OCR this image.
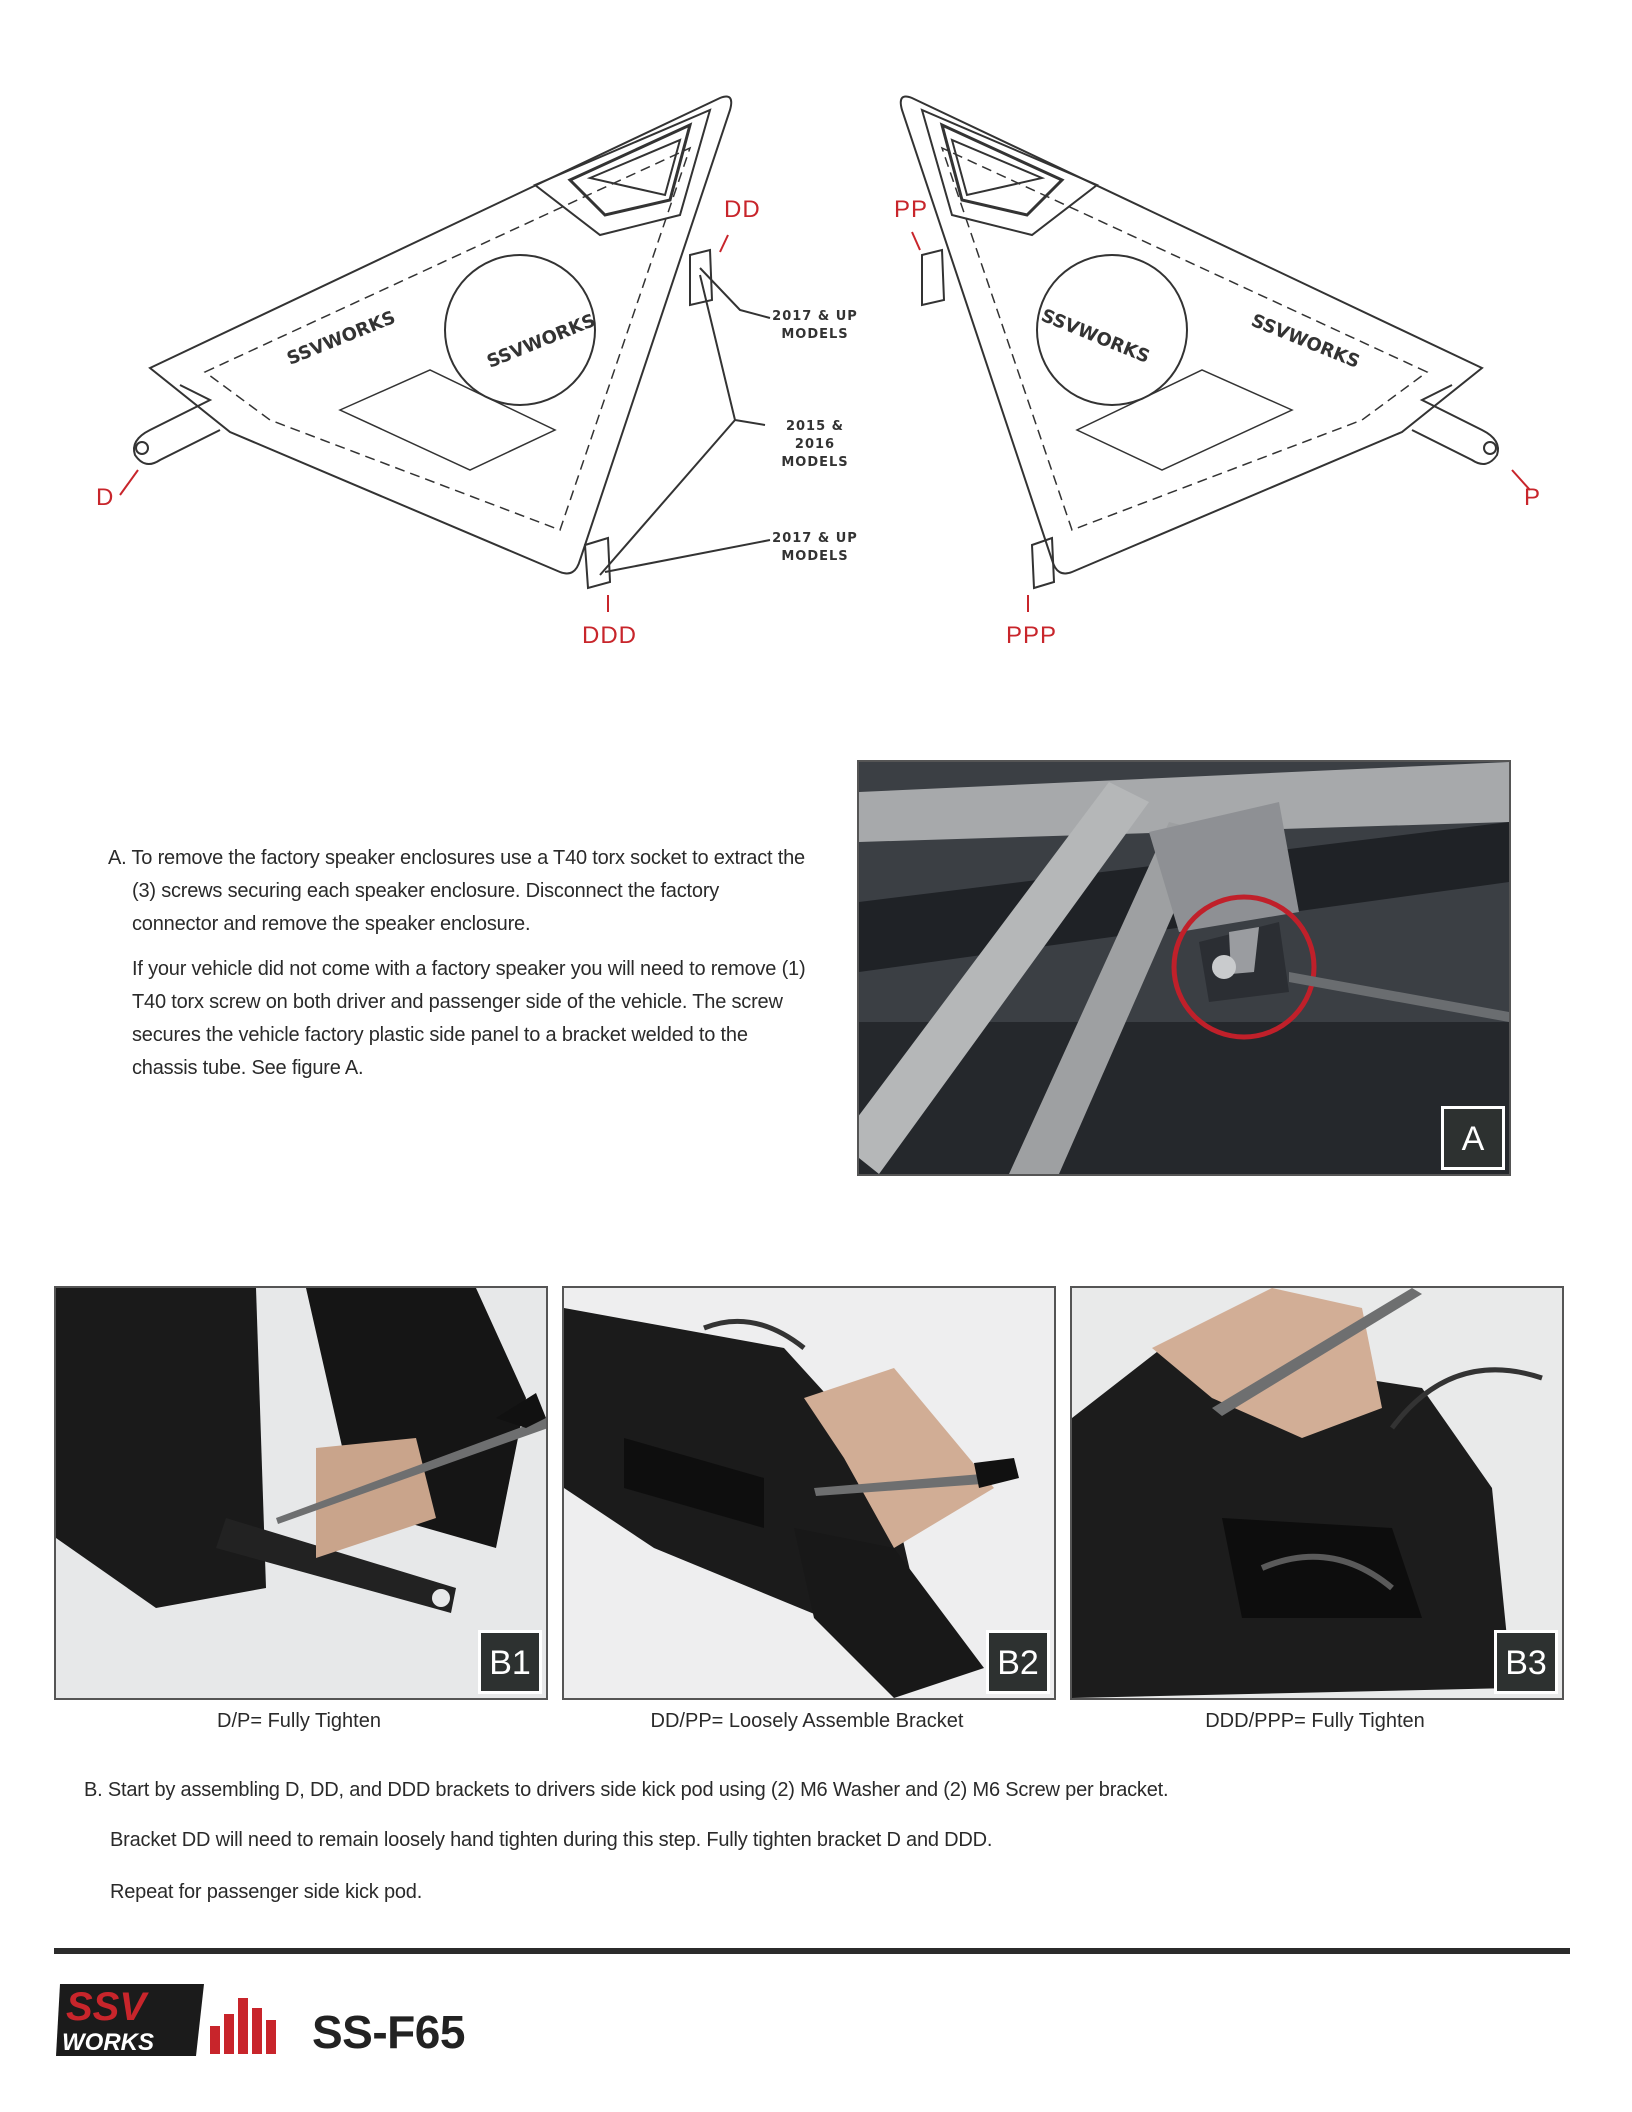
SSVWORKS	SSVWORKS	SSVWORKS	SSVWORKS
D
DD
DDD
P
PP
PPP
2017 & UP
MODELS
2015 & 2016
MODELS
2017 & UP
MODELS

A. To remove the factory speaker enclosures use a T40 torx socket to extract the (3) screws securing each speaker enclosure. Disconnect the factory connector and remove the speaker enclosure.

If your vehicle did not come with a factory speaker you will need to remove (1) T40 torx screw on both driver and passenger side of the vehicle. The screw secures the vehicle factory plastic side panel to a bracket welded to the chassis tube. See figure A.

A
B1
D/P= Fully Tighten
B2
DD/PP= Loosely Assemble Bracket
B3
DDD/PPP= Fully Tighten
B. Start by assembling D, DD, and DDD brackets to drivers side kick pod using (2) M6 Washer and (2) M6 Screw per bracket.
Bracket DD will need to remain loosely hand tighten during this step. Fully tighten bracket D and DDD.
Repeat for passenger side kick pod.
SSV
WORKS	SS-F65
